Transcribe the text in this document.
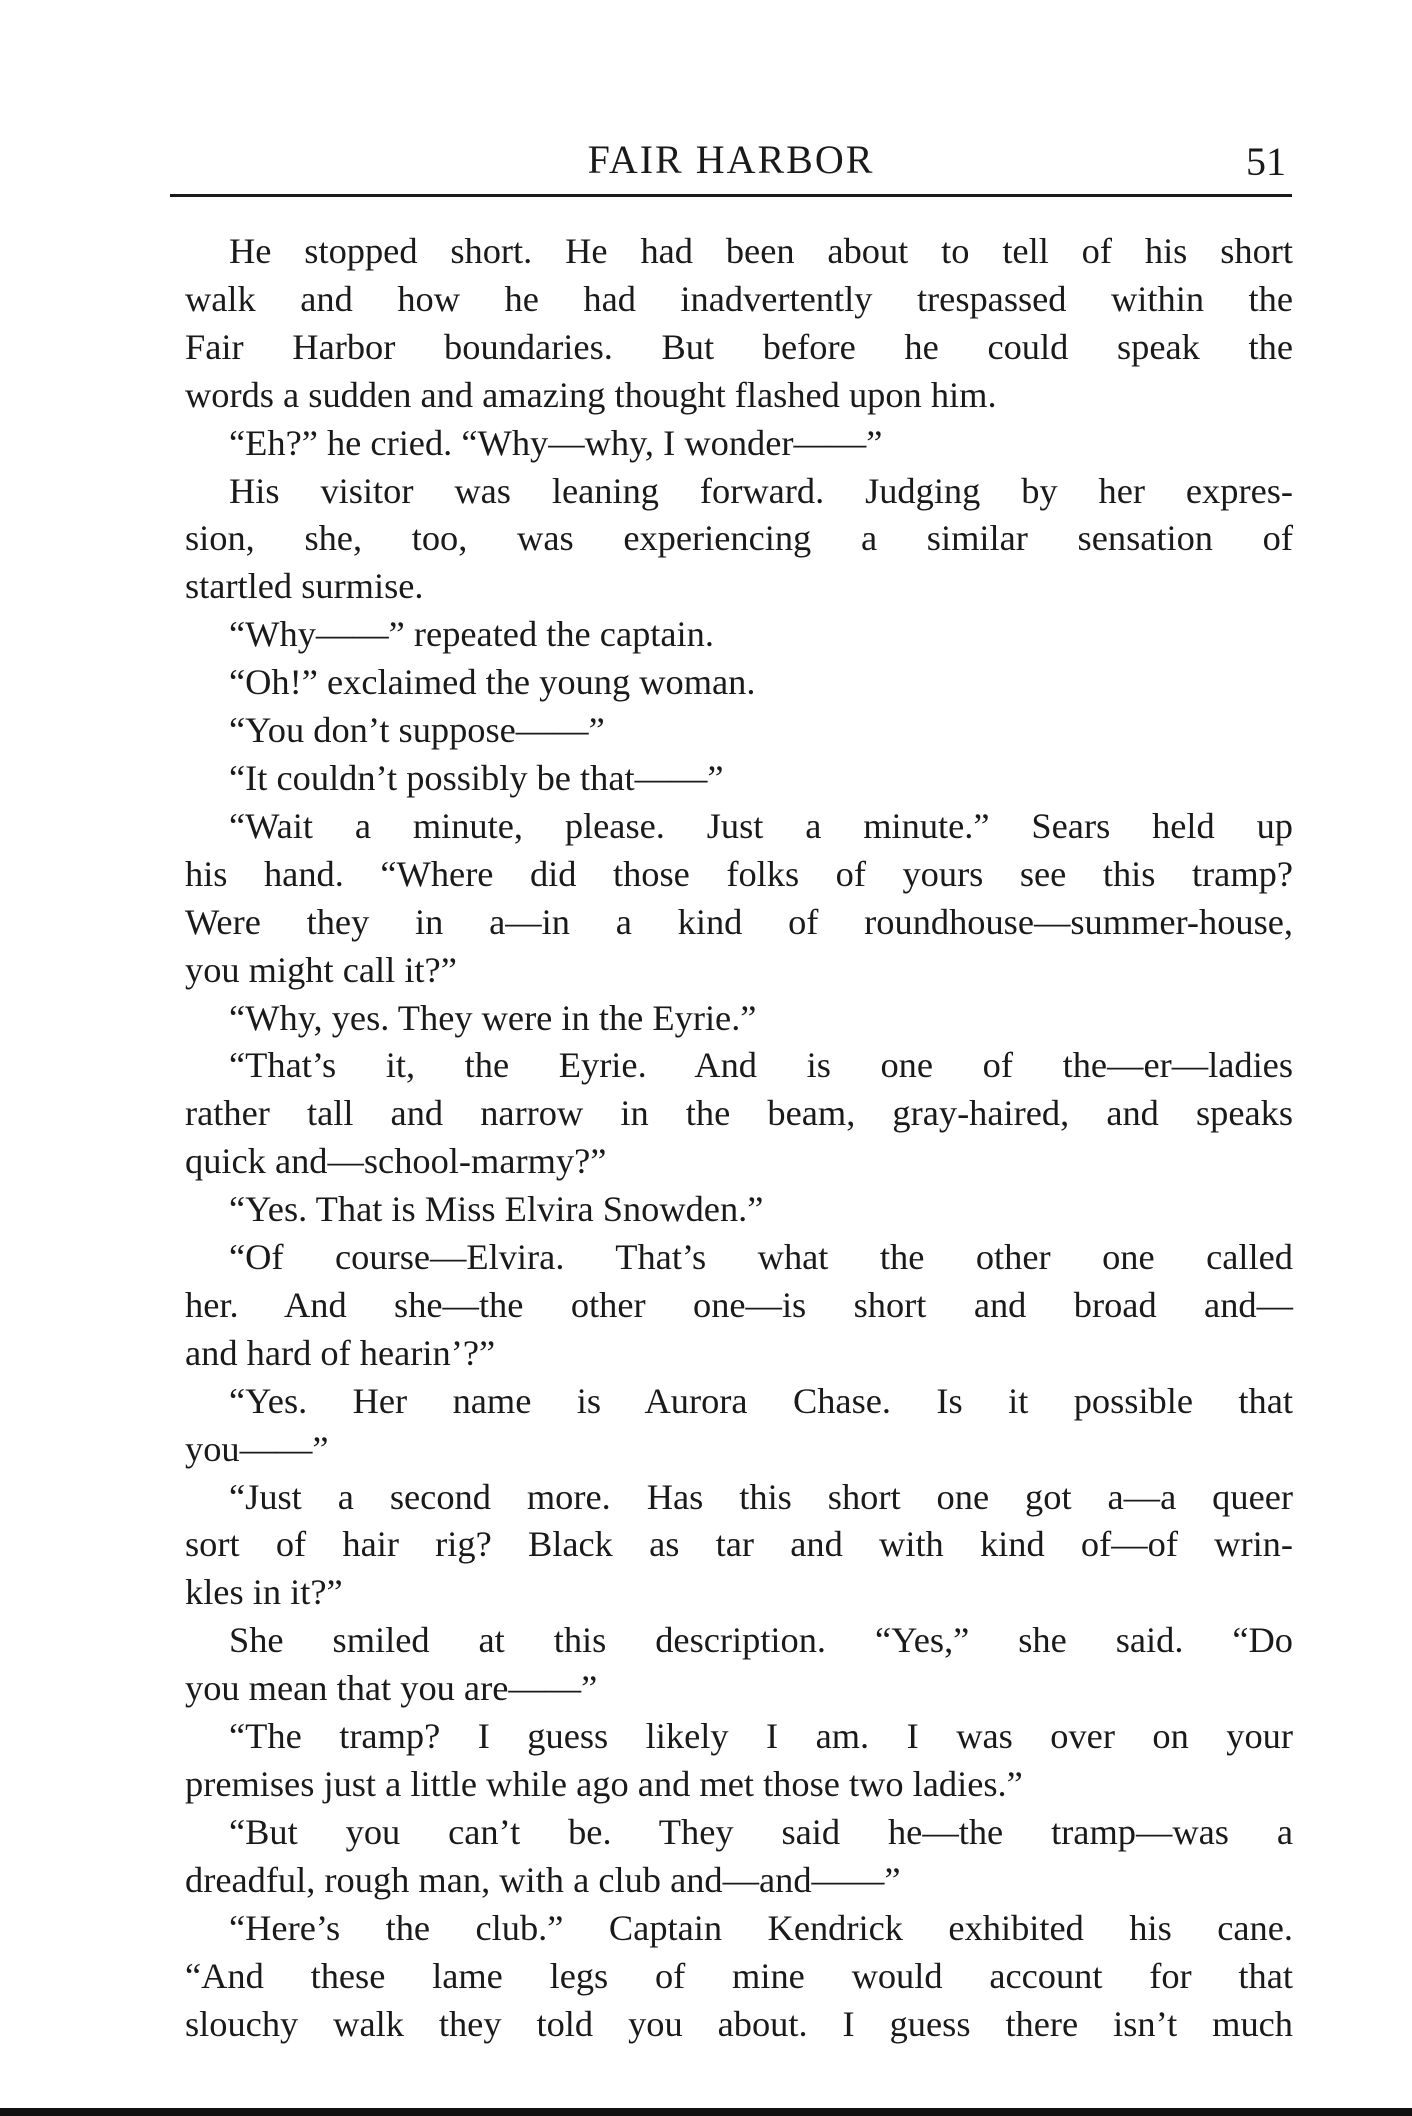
FAIR HARBOR	51
He stopped short. He had been about to tell of his short
walk and how he had inadvertently trespassed within the
Fair Harbor boundaries. But before he could speak the
words a sudden and amazing thought flashed upon him.
“Eh?” he cried. “Why—why, I wonder——”
His visitor was leaning forward. Judging by her expres-
sion, she, too, was experiencing a similar sensation of
startled surmise.
“Why——” repeated the captain.
“Oh!” exclaimed the young woman.
“You don’t suppose——”
“It couldn’t possibly be that——”
“Wait a minute, please. Just a minute.” Sears held up
his hand. “Where did those folks of yours see this tramp?
Were they in a—in a kind of roundhouse—summer-house,
you might call it?”
“Why, yes. They were in the Eyrie.”
“That’s it, the Eyrie. And is one of the—er—ladies
rather tall and narrow in the beam, gray-haired, and speaks
quick and—school-marmy?”
“Yes. That is Miss Elvira Snowden.”
“Of course—Elvira. That’s what the other one called
her. And she—the other one—is short and broad and—
and hard of hearin’?”
“Yes. Her name is Aurora Chase. Is it possible that
you——”
“Just a second more. Has this short one got a—a queer
sort of hair rig? Black as tar and with kind of—of wrin-
kles in it?”
She smiled at this description. “Yes,” she said. “Do
you mean that you are——”
“The tramp? I guess likely I am. I was over on your
premises just a little while ago and met those two ladies.”
“But you can’t be. They said he—the tramp—was a
dreadful, rough man, with a club and—and——”
“Here’s the club.” Captain Kendrick exhibited his cane.
“And these lame legs of mine would account for that
slouchy walk they told you about. I guess there isn’t much
